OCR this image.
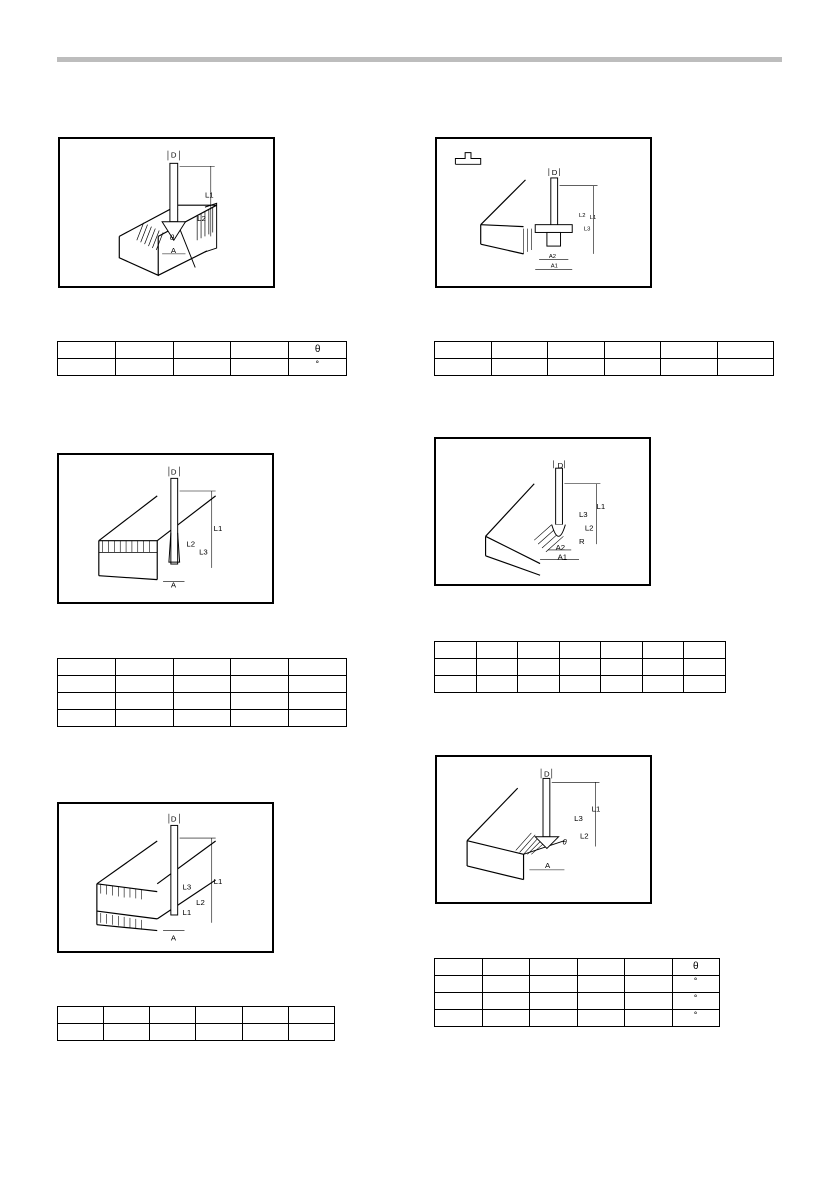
D
L1
L2
θ
A
				θ
				˚
D
L1
L2
L3
A

D
L1
L3
L2
L1
A

D
L1
L2
L3
A2
A1

D
L1
L3
L2
R
A2
A1

D
L1
L3
L2
θ
A
					θ
					˚
					˚
					˚
